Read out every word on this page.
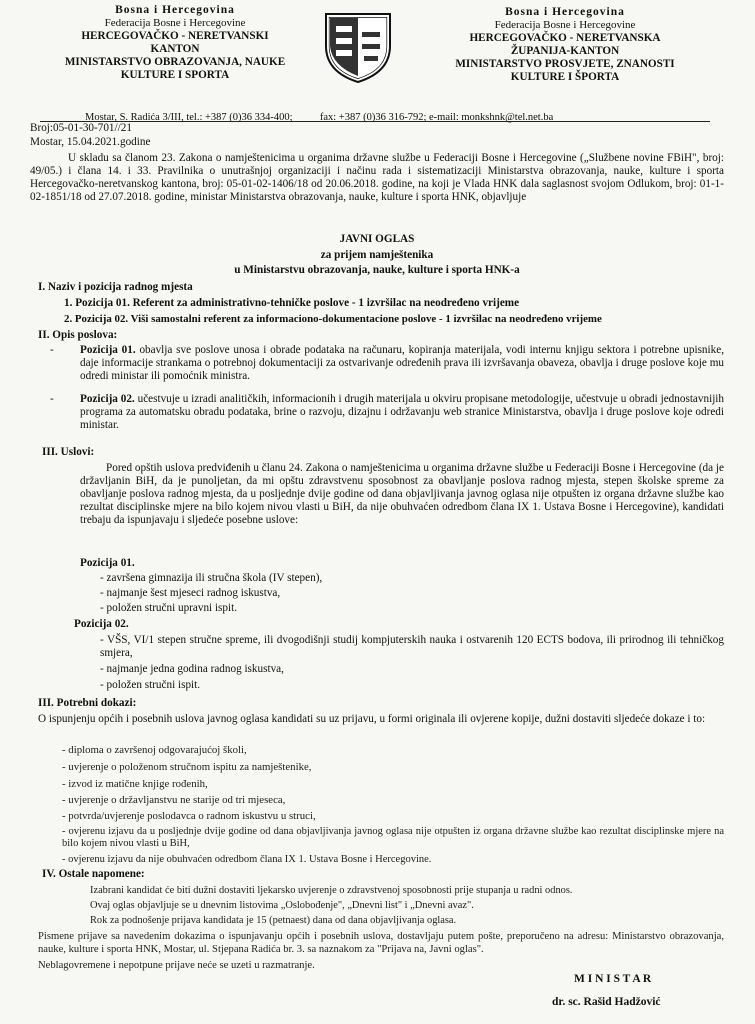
Bosna i Hercegovina
Federacija Bosne i Hercegovine
HERCEGOVAČKO - NERETVANSKI
KANTON
MINISTARSTVO OBRAZOVANJA, NAUKE
KULTURE I SPORTA
Bosna i Hercegovina
Federacija Bosne i Hercegovine
HERCEGOVAČKO - NERETVANSKA
ŽUPANIJA-KANTON
MINISTARSTVO PROSVJETE, ZNANOSTI
KULTURE I ŠPORTA
Mostar, S. Radića 3/III, tel.: +387 (0)36 334-400;	fax: +387 (0)36 316-792; e-mail: monkshnk@tel.net.ba
Broj:05-01-30-701//21
Mostar, 15.04.2021.godine
U skladu sa članom 23. Zakona o namještenicima u organima državne službe u Federaciji Bosne i Hercegovine („Službene novine FBiH", broj: 49/05.) i člana 14. i 33. Pravilnika o unutrašnjoj organizaciji i načinu rada i sistematizaciji Ministarstva obrazovanja, nauke, kulture i sporta Hercegovačko-neretvanskog kantona, broj: 05-01-02-1406/18 od 20.06.2018. godine, na koji je Vlada HNK dala saglasnost svojom Odlukom, broj: 01-1-02-1851/18 od 27.07.2018. godine, ministar Ministarstva obrazovanja, nauke, kulture i sporta HNK, objavljuje
JAVNI OGLAS
za prijem namještenika
u Ministarstvu obrazovanja, nauke, kulture i sporta HNK-a
I. Naziv i pozicija radnog mjesta
1. Pozicija 01. Referent za administrativno-tehničke poslove - 1 izvršilac na neodređeno vrijeme
2. Pozicija 02. Viši samostalni referent za informaciono-dokumentacione poslove - 1 izvršilac na neodređeno vrijeme
II. Opis poslova:
- Pozicija 01. obavlja sve poslove unosa i obrade podataka na računaru, kopiranja materijala, vodi internu knjigu sektora i potrebne upisnike, daje informacije strankama o potrebnoj dokumentaciji za ostvarivanje određenih prava ili izvršavanja obaveza, obavlja i druge poslove koje mu odredi ministar ili pomoćnik ministra.
- Pozicija 02. učestvuje u izradi analitičkih, informacionih i drugih materijala u okviru propisane metodologije, učestvuje u obradi jednostavnijih programa za automatsku obradu podataka, brine o razvoju, dizajnu i održavanju web stranice Ministarstva, obavlja i druge poslove koje odredi ministar.
III. Uslovi:
Pored opštih uslova predviđenih u članu 24. Zakona o namještenicima u organima državne službe u Federaciji Bosne i Hercegovine (da je državljanin BiH, da je punoljetan, da mi opštu zdravstvenu sposobnost za obavljanje poslova radnog mjesta, stepen školske spreme za obavljanje poslova radnog mjesta, da u posljednje dvije godine od dana objavljivanja javnog oglasa nije otpušten iz organa državne službe kao rezultat disciplinske mjere na bilo kojem nivou vlasti u BiH, da nije obuhvaćen odredbom člana IX 1. Ustava Bosne i Hercegovine), kandidati trebaju da ispunjavaju i sljedeće posebne uslove:
Pozicija 01.
- završena gimnazija ili stručna škola (IV stepen),
- najmanje šest mjeseci radnog iskustva,
- položen stručni upravni ispit.
Pozicija 02.
- VŠS, VI/1 stepen stručne spreme, ili dvogodišnji studij kompjuterskih nauka i ostvarenih 120 ECTS bodova, ili prirodnog ili tehničkog smjera,
- najmanje jedna godina radnog iskustva,
- položen stručni ispit.
III. Potrebni dokazi:
O ispunjenju općih i posebnih uslova javnog oglasa kandidati su uz prijavu, u formi originala ili ovjerene kopije, dužni dostaviti sljedeće dokaze i to:
- diploma o završenoj odgovarajućoj školi,
- uvjerenje o položenom stručnom ispitu za namještenike,
- izvod iz matične knjige rođenih,
- uvjerenje o državljanstvu ne starije od tri mjeseca,
- potvrda/uvjerenje poslodavca o radnom iskustvu u struci,
- ovjerenu izjavu da u posljednje dvije godine od dana objavljivanja javnog oglasa nije otpušten iz organa državne službe kao rezultat disciplinske mjere na bilo kojem nivou vlasti u BiH,
- ovjerenu izjavu da nije obuhvaćen odredbom člana IX 1. Ustava Bosne i Hercegovine.
IV. Ostale napomene:
Izabrani kandidat će biti dužni dostaviti ljekarsko uvjerenje o zdravstvenoj sposobnosti prije stupanja u radni odnos.
Ovaj oglas objavljuje se u dnevnim listovima „Oslobođenje", „Dnevni list" i „Dnevni avaz".
Rok za podnošenje prijava kandidata je 15 (petnaest) dana od dana objavljivanja oglasa.
Pismene prijave sa navedenim dokazima o ispunjavanju općih i posebnih uslova, dostavljaju putem pošte, preporučeno na adresu: Ministarstvo obrazovanja, nauke, kulture i sporta HNK, Mostar, ul. Stjepana Radića br. 3. sa naznakom za "Prijava na, Javni oglas".
Neblagovremene i nepotpune prijave neće se uzeti u razmatranje.
M I N I S T A R
dr. sc. Rašid Hadžović
